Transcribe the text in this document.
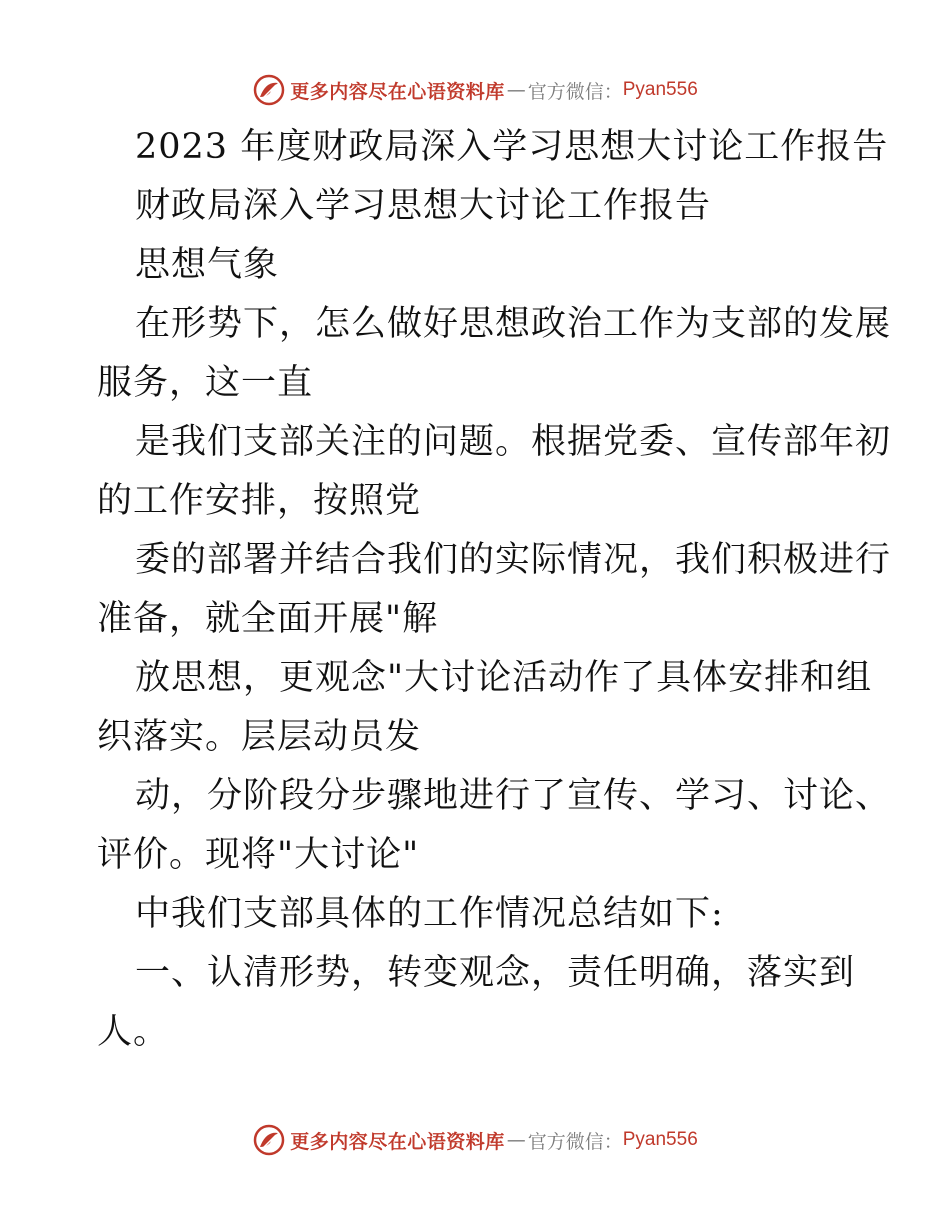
更多内容尽在心语资料库 — 官方微信： Pyan556
2023 年度财政局深入学习思想大讨论工作报告
财政局深入学习思想大讨论工作报告
思想气象
在形势下，怎么做好思想政治工作为支部的发展
服务，这一直
是我们支部关注的问题。根据党委、宣传部年初
的工作安排，按照党
委的部署并结合我们的实际情况，我们积极进行
准备，就全面开展"解
放思想，更观念"大讨论活动作了具体安排和组
织落实。层层动员发
动，分阶段分步骤地进行了宣传、学习、讨论、
评价。现将"大讨论"
中我们支部具体的工作情况总结如下:
一、认清形势，转变观念，责任明确，落实到
人。
更多内容尽在心语资料库 — 官方微信： Pyan556
